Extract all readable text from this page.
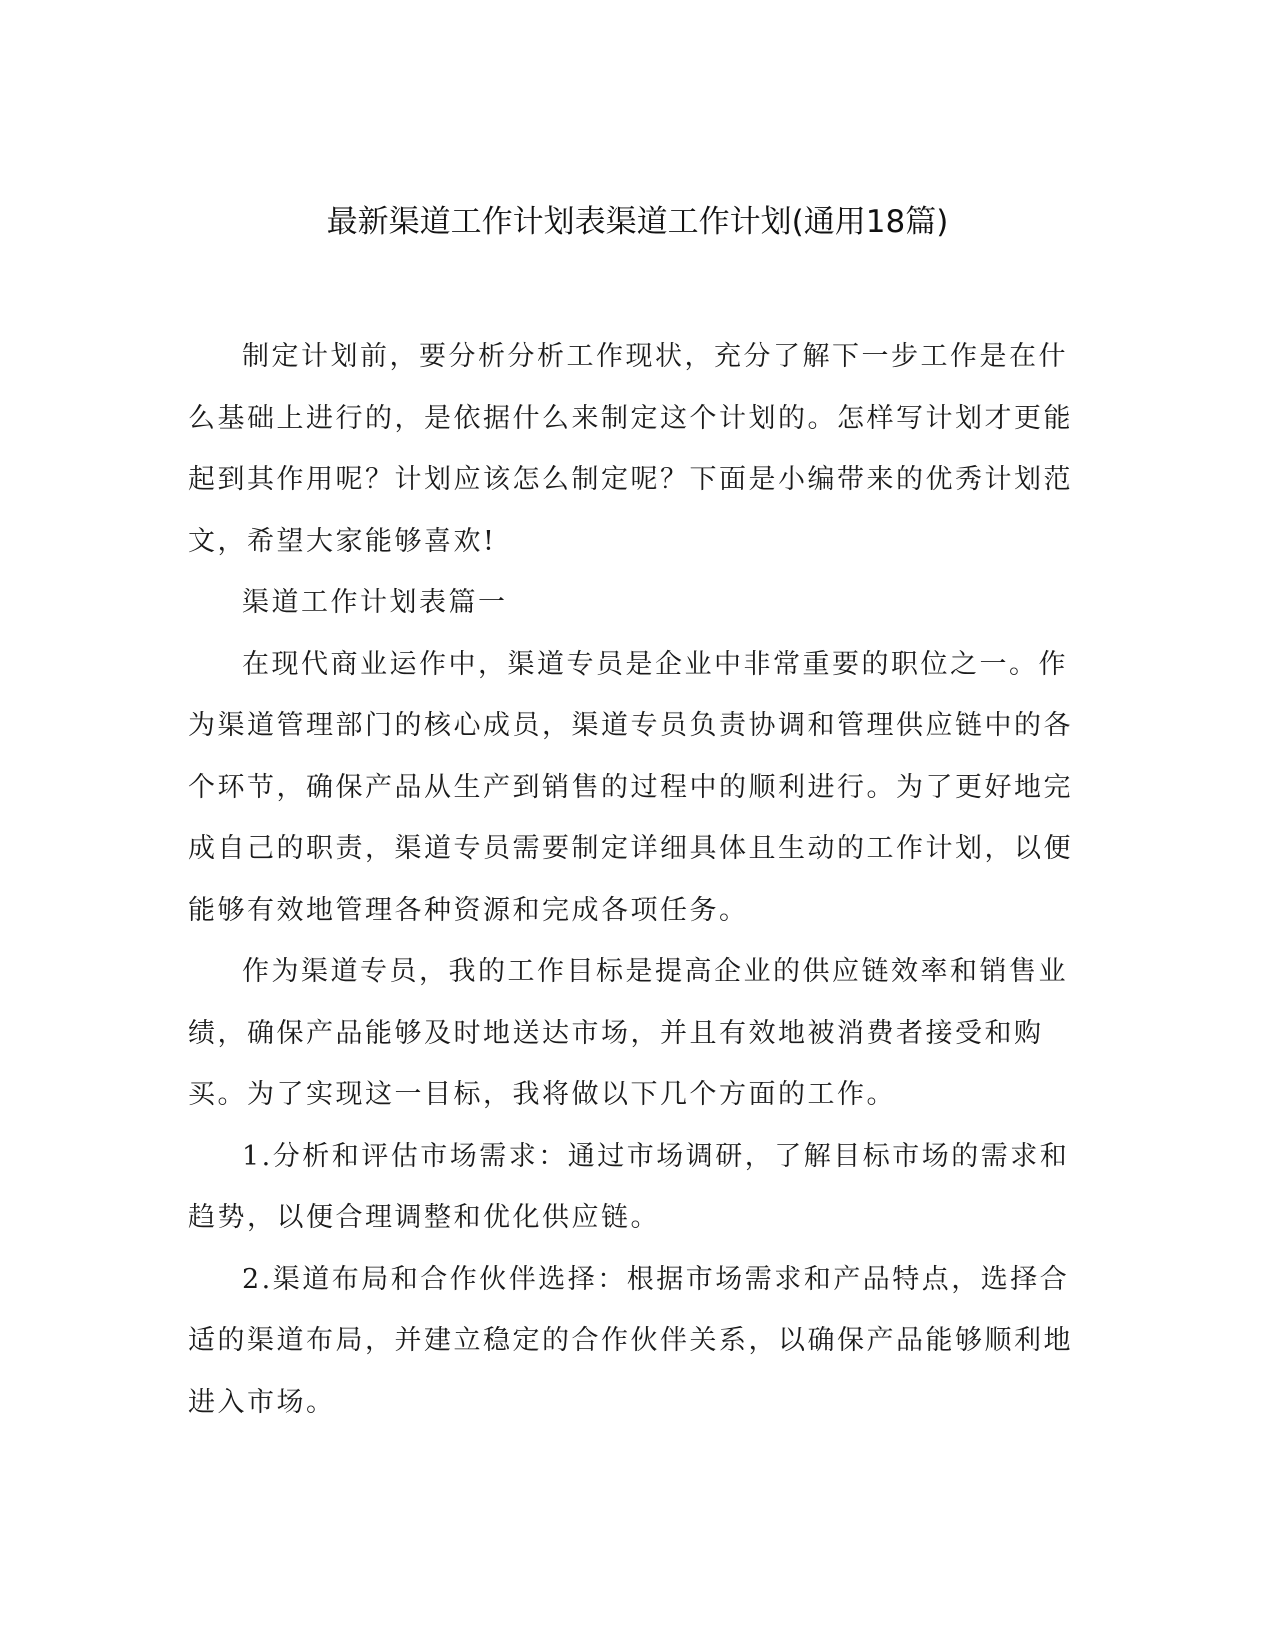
最新渠道工作计划表渠道工作计划(通用18篇)

制定计划前，要分析分析工作现状，充分了解下一步工作是在什么基础上进行的，是依据什么来制定这个计划的。怎样写计划才更能起到其作用呢？计划应该怎么制定呢？下面是小编带来的优秀计划范文，希望大家能够喜欢!

渠道工作计划表篇一

在现代商业运作中，渠道专员是企业中非常重要的职位之一。作为渠道管理部门的核心成员，渠道专员负责协调和管理供应链中的各个环节，确保产品从生产到销售的过程中的顺利进行。为了更好地完成自己的职责，渠道专员需要制定详细具体且生动的工作计划，以便能够有效地管理各种资源和完成各项任务。

作为渠道专员，我的工作目标是提高企业的供应链效率和销售业绩，确保产品能够及时地送达市场，并且有效地被消费者接受和购买。为了实现这一目标，我将做以下几个方面的工作。

1.分析和评估市场需求：通过市场调研，了解目标市场的需求和趋势，以便合理调整和优化供应链。

2.渠道布局和合作伙伴选择：根据市场需求和产品特点，选择合适的渠道布局，并建立稳定的合作伙伴关系，以确保产品能够顺利地进入市场。
